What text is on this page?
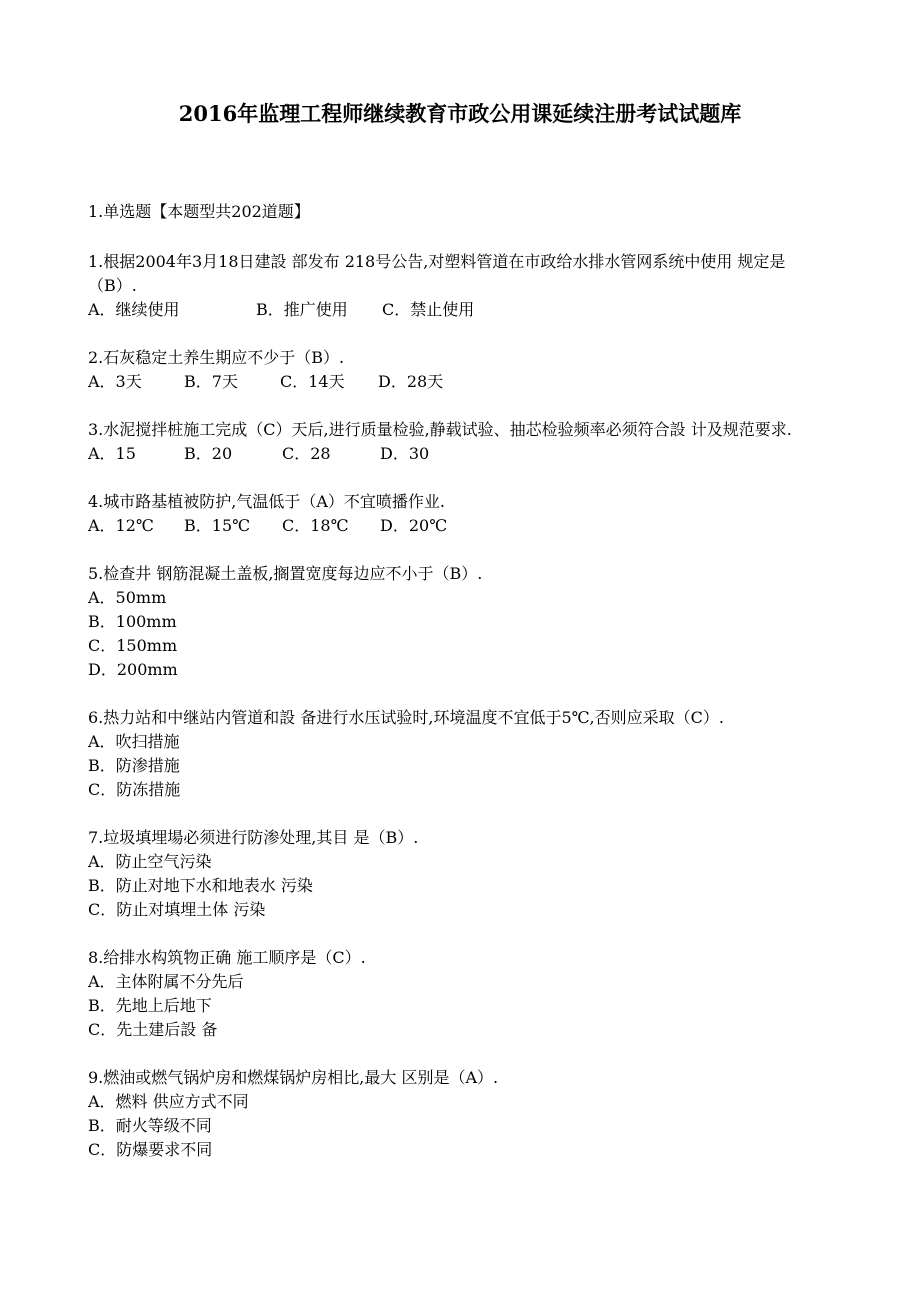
2016年监理工程师继续教育市政公用课延续注册考试试题库
1.单选题【本题型共202道题】
1.根据2004年3月18日建設 部发布 218号公告,对塑料管道在市政给水排水管网系统中使用 规定是（B）.
A．继续使用	B．推广使用	C．禁止使用
2.石灰稳定土养生期应不少于（B）.
A．3天	B．7天	C．14天	D．28天
3.水泥搅拌桩施工完成（C）天后,进行质量检验,静载试验、抽芯检验频率必须符合設 计及规范要求.
A．15	B．20	C．28	D．30
4.城市路基植被防护,气温低于（A）不宜喷播作业.
A．12℃	B．15℃	C．18℃	D．20℃
5.检查井 钢筋混凝土盖板,搁置宽度每边应不小于（B）.
A．50mm
B．100mm
C．150mm
D．200mm
6.热力站和中继站内管道和設 备进行水压试验时,环境温度不宜低于5℃,否则应采取（C）.
A．吹扫措施
B．防渗措施
C．防冻措施
7.垃圾填埋場必须进行防渗处理,其目 是（B）.
A．防止空气污染
B．防止对地下水和地表水 污染
C．防止对填埋土体 污染
8.给排水构筑物正确 施工顺序是（C）.
A．主体附属不分先后
B．先地上后地下
C．先土建后設 备
9.燃油或燃气锅炉房和燃煤锅炉房相比,最大 区别是（A）.
A．燃料 供应方式不同
B．耐火等级不同
C．防爆要求不同
